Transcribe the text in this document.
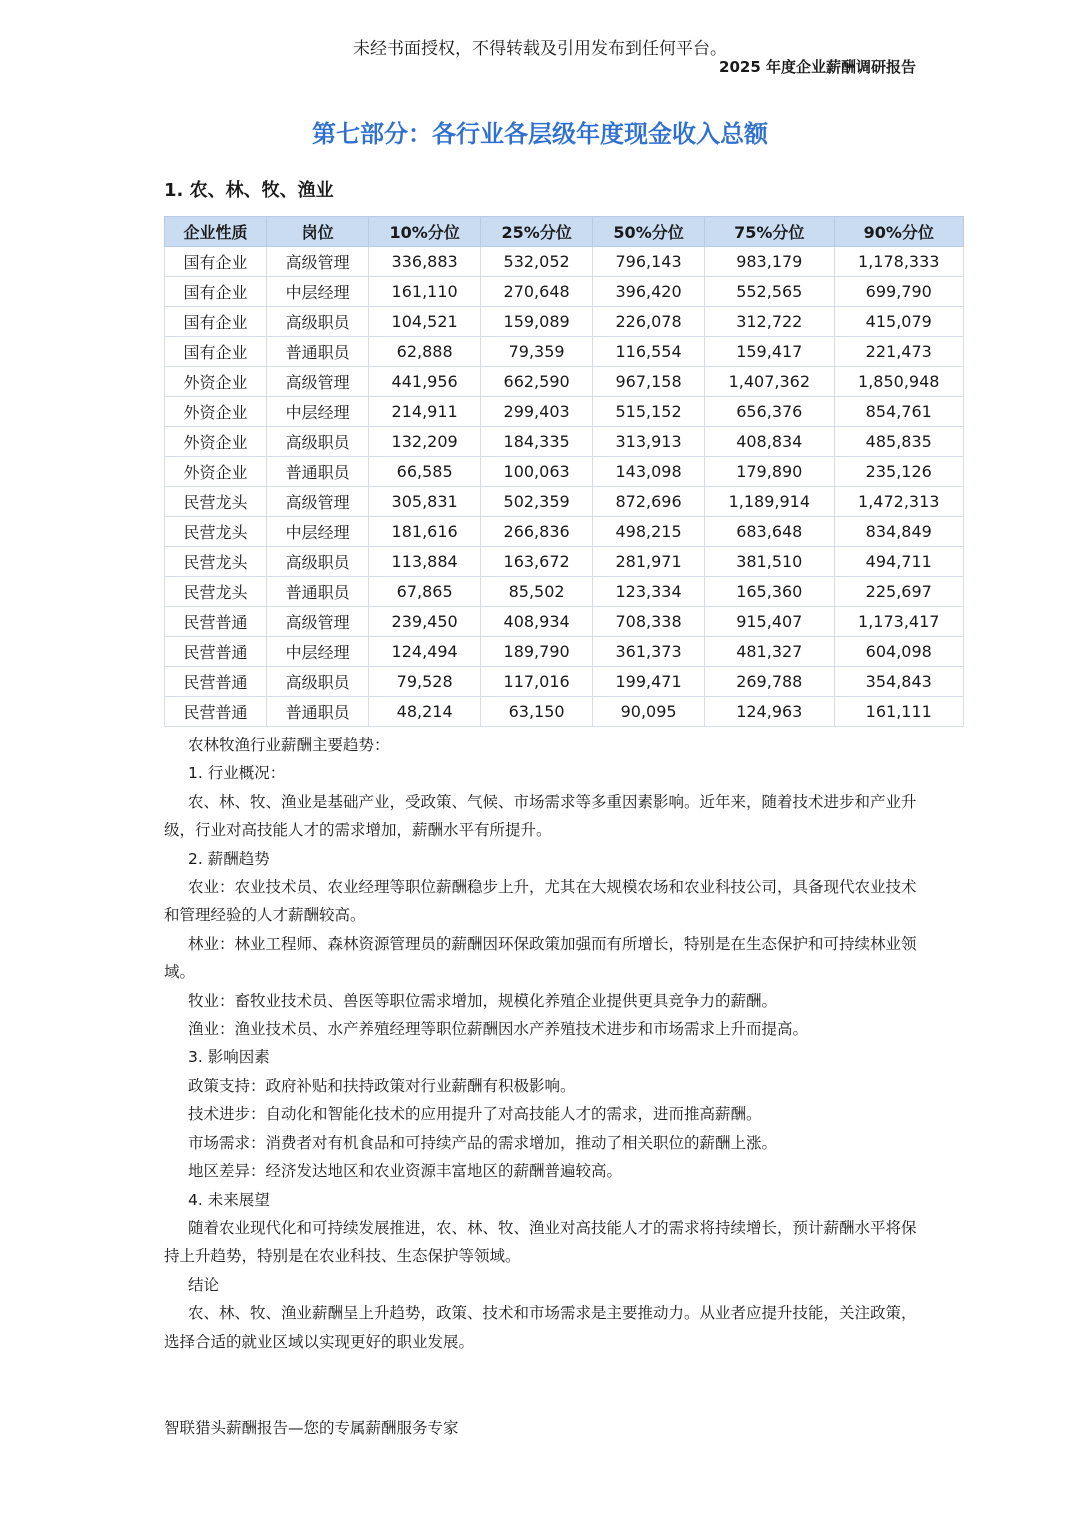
未经书面授权，不得转载及引用发布到任何平台。
2025 年度企业薪酬调研报告
第七部分：各行业各层级年度现金收入总额
1. 农、林、牧、渔业
企业性质	岗位	10%分位	25%分位	50%分位	75%分位	90%分位
国有企业	高级管理	336,883	532,052	796,143	983,179	1,178,333
国有企业	中层经理	161,110	270,648	396,420	552,565	699,790
国有企业	高级职员	104,521	159,089	226,078	312,722	415,079
国有企业	普通职员	62,888	79,359	116,554	159,417	221,473
外资企业	高级管理	441,956	662,590	967,158	1,407,362	1,850,948
外资企业	中层经理	214,911	299,403	515,152	656,376	854,761
外资企业	高级职员	132,209	184,335	313,913	408,834	485,835
外资企业	普通职员	66,585	100,063	143,098	179,890	235,126
民营龙头	高级管理	305,831	502,359	872,696	1,189,914	1,472,313
民营龙头	中层经理	181,616	266,836	498,215	683,648	834,849
民营龙头	高级职员	113,884	163,672	281,971	381,510	494,711
民营龙头	普通职员	67,865	85,502	123,334	165,360	225,697
民营普通	高级管理	239,450	408,934	708,338	915,407	1,173,417
民营普通	中层经理	124,494	189,790	361,373	481,327	604,098
民营普通	高级职员	79,528	117,016	199,471	269,788	354,843
民营普通	普通职员	48,214	63,150	90,095	124,963	161,111

农林牧渔行业薪酬主要趋势：

1. 行业概况：

农、林、牧、渔业是基础产业，受政策、气候、市场需求等多重因素影响。近年来，随着技术进步和产业升级，行业对高技能人才的需求增加，薪酬水平有所提升。

2. 薪酬趋势

农业：农业技术员、农业经理等职位薪酬稳步上升，尤其在大规模农场和农业科技公司，具备现代农业技术和管理经验的人才薪酬较高。

林业：林业工程师、森林资源管理员的薪酬因环保政策加强而有所增长，特别是在生态保护和可持续林业领域。

牧业：畜牧业技术员、兽医等职位需求增加，规模化养殖企业提供更具竞争力的薪酬。

渔业：渔业技术员、水产养殖经理等职位薪酬因水产养殖技术进步和市场需求上升而提高。

3. 影响因素

政策支持：政府补贴和扶持政策对行业薪酬有积极影响。

技术进步：自动化和智能化技术的应用提升了对高技能人才的需求，进而推高薪酬。

市场需求：消费者对有机食品和可持续产品的需求增加，推动了相关职位的薪酬上涨。

地区差异：经济发达地区和农业资源丰富地区的薪酬普遍较高。

4. 未来展望

随着农业现代化和可持续发展推进，农、林、牧、渔业对高技能人才的需求将持续增长，预计薪酬水平将保持上升趋势，特别是在农业科技、生态保护等领域。

结论

农、林、牧、渔业薪酬呈上升趋势，政策、技术和市场需求是主要推动力。从业者应提升技能，关注政策，选择合适的就业区域以实现更好的职业发展。

智联猎头薪酬报告—您的专属薪酬服务专家
